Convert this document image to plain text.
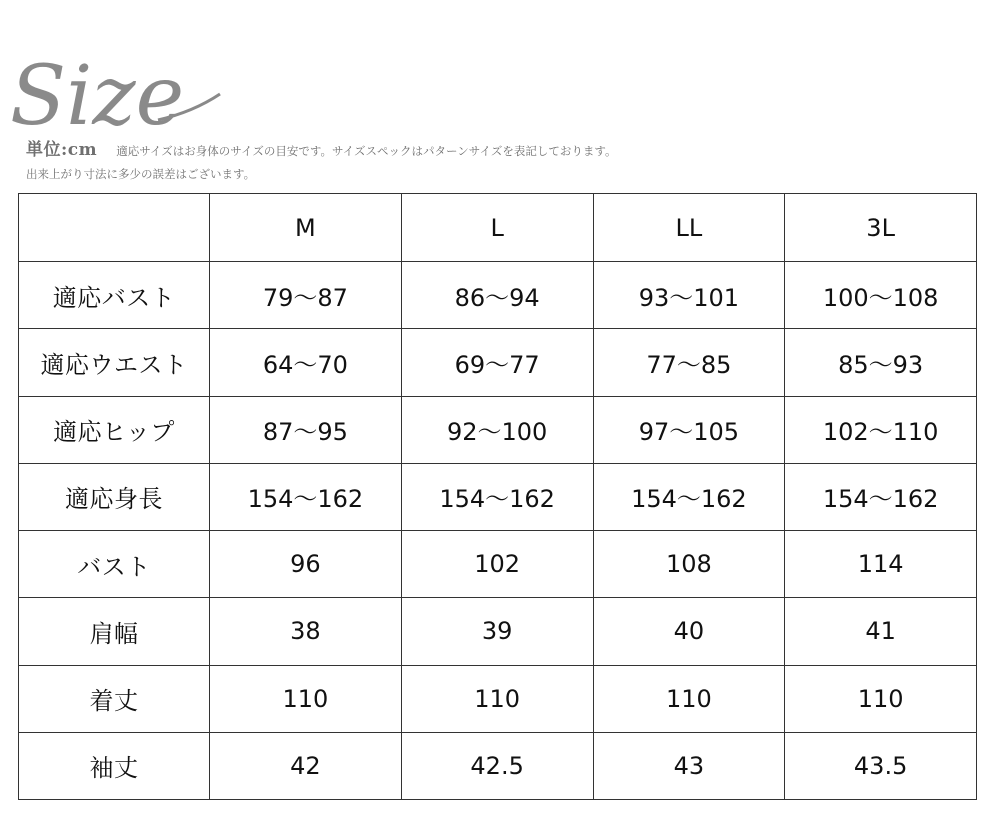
Size
単位:cm 適応サイズはお身体のサイズの目安です。サイズスペックはパターンサイズを表記しております。
出来上がり寸法に多少の誤差はございます。
	M	L	LL	3L
適応バスト	79〜87	86〜94	93〜101	100〜108
適応ウエスト	64〜70	69〜77	77〜85	85〜93
適応ヒップ	87〜95	92〜100	97〜105	102〜110
適応身長	154〜162	154〜162	154〜162	154〜162
バスト	96	102	108	114
肩幅	38	39	40	41
着丈	110	110	110	110
袖丈	42	42.5	43	43.5
